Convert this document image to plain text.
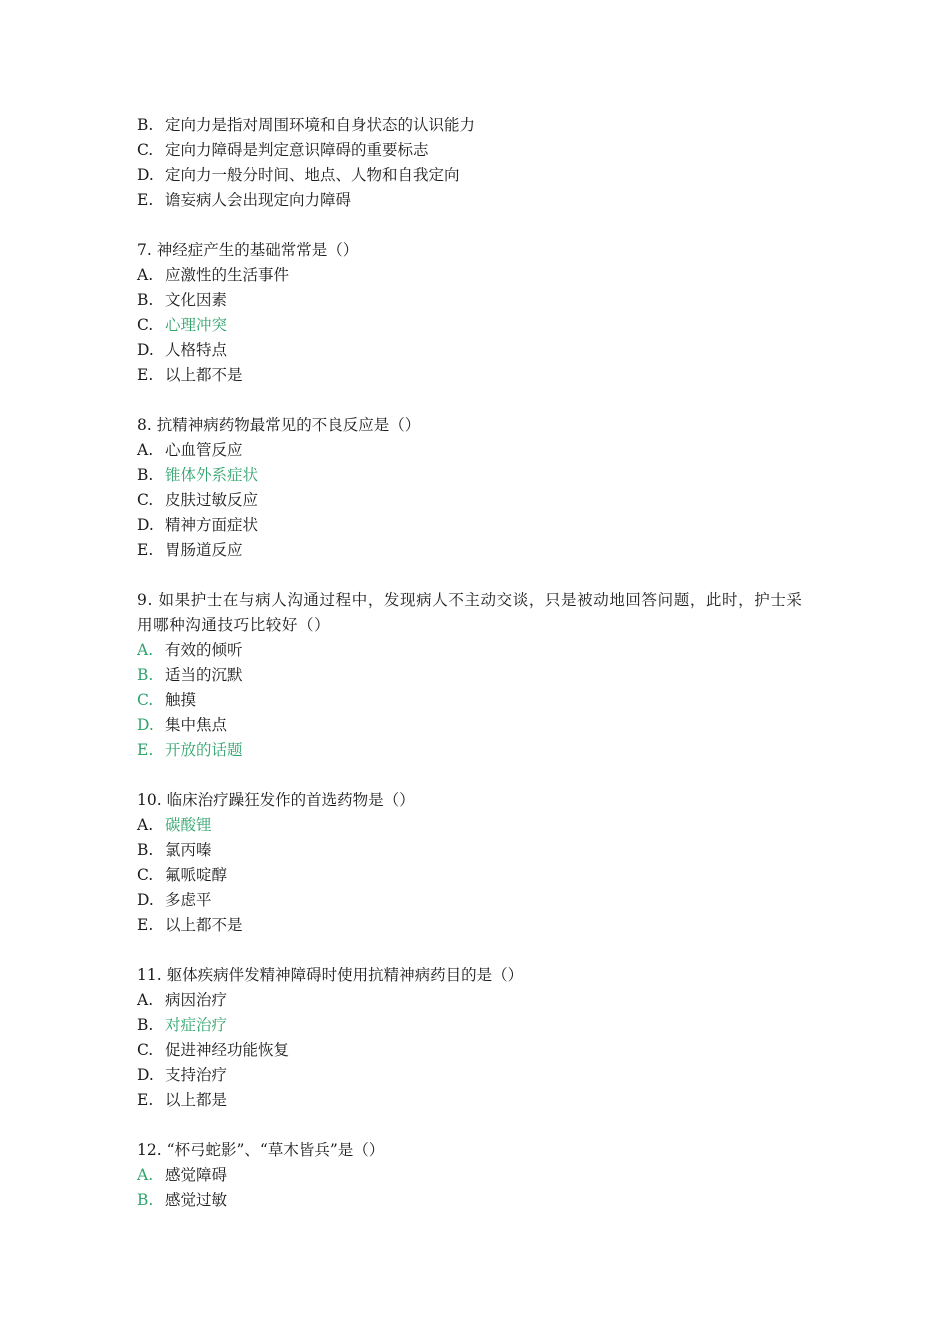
B. 定向力是指对周围环境和自身状态的认识能力
C. 定向力障碍是判定意识障碍的重要标志
D. 定向力一般分时间、地点、人物和自我定向
E. 谵妄病人会出现定向力障碍
7. 神经症产生的基础常常是（）
A. 应激性的生活事件
B. 文化因素
C. 心理冲突
D. 人格特点
E. 以上都不是
8. 抗精神病药物最常见的不良反应是（）
A. 心血管反应
B. 锥体外系症状
C. 皮肤过敏反应
D. 精神方面症状
E. 胃肠道反应
9. 如果护士在与病人沟通过程中，发现病人不主动交谈，只是被动地回答问题，此时，护士采用哪种沟通技巧比较好（）
A. 有效的倾听
B. 适当的沉默
C. 触摸
D. 集中焦点
E. 开放的话题
10. 临床治疗躁狂发作的首选药物是（）
A. 碳酸锂
B. 氯丙嗪
C. 氟哌啶醇
D. 多虑平
E. 以上都不是
11. 躯体疾病伴发精神障碍时使用抗精神病药目的是（）
A. 病因治疗
B. 对症治疗
C. 促进神经功能恢复
D. 支持治疗
E. 以上都是
12. “杯弓蛇影”、“草木皆兵”是（）
A. 感觉障碍
B. 感觉过敏
